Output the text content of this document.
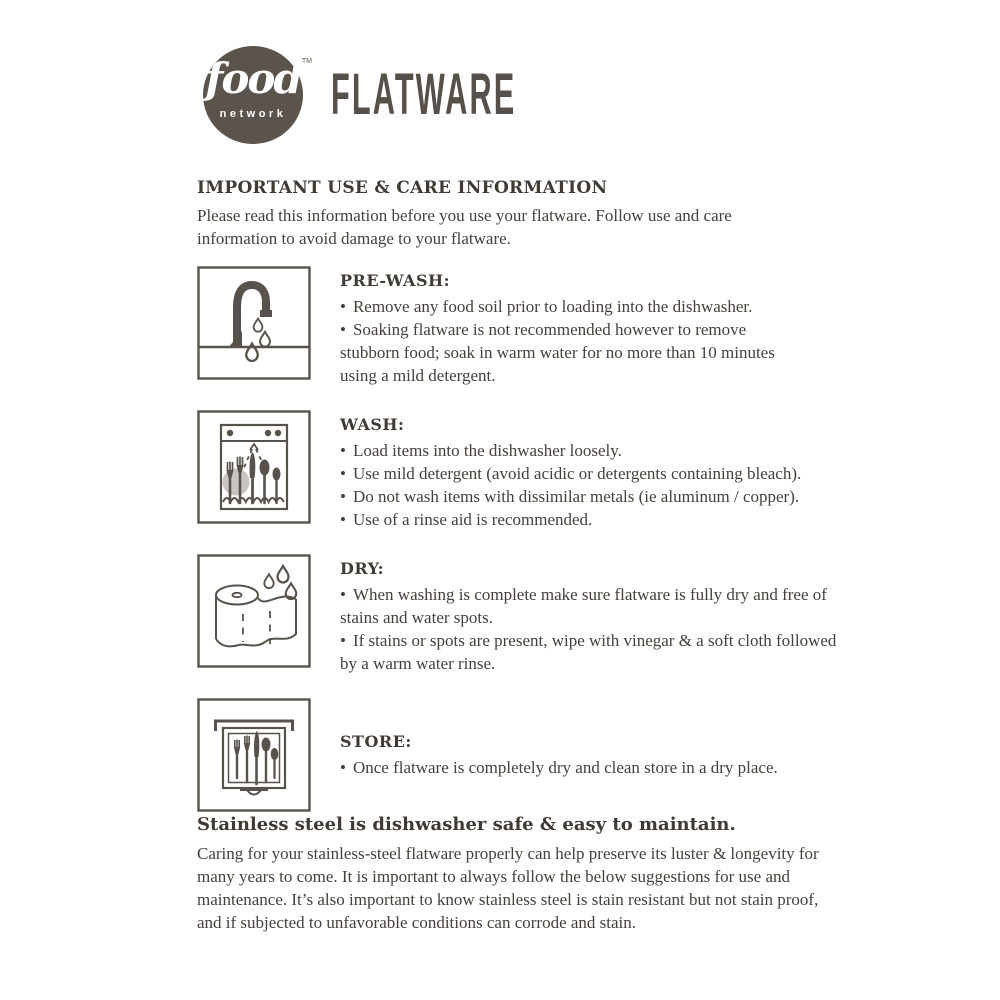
food
network
TM
FLATWARE

IMPORTANT USE & CARE INFORMATION

Please read this information before you use your flatware. Follow use and care information to avoid damage to your flatware.

PRE-WASH:

• Remove any food soil prior to loading into the dishwasher.

• Soaking flatware is not recommended however to remove stubborn food; soak in warm water for no more than 10 minutes using a mild detergent.

WASH:

• Load items into the dishwasher loosely.

• Use mild detergent (avoid acidic or detergents containing bleach).

• Do not wash items with dissimilar metals (ie aluminum / copper).

• Use of a rinse aid is recommended.

DRY:

• When washing is complete make sure flatware is fully dry and free of stains and water spots.

• If stains or spots are present, wipe with vinegar & a soft cloth followed by a warm water rinse.

STORE:

• Once flatware is completely dry and clean store in a dry place.

Stainless steel is dishwasher safe & easy to maintain.

Caring for your stainless-steel flatware properly can help preserve its luster & longevity for many years to come. It is important to always follow the below suggestions for use and maintenance. It’s also important to know stainless steel is stain resistant but not stain proof, and if subjected to unfavorable conditions can corrode and stain.
